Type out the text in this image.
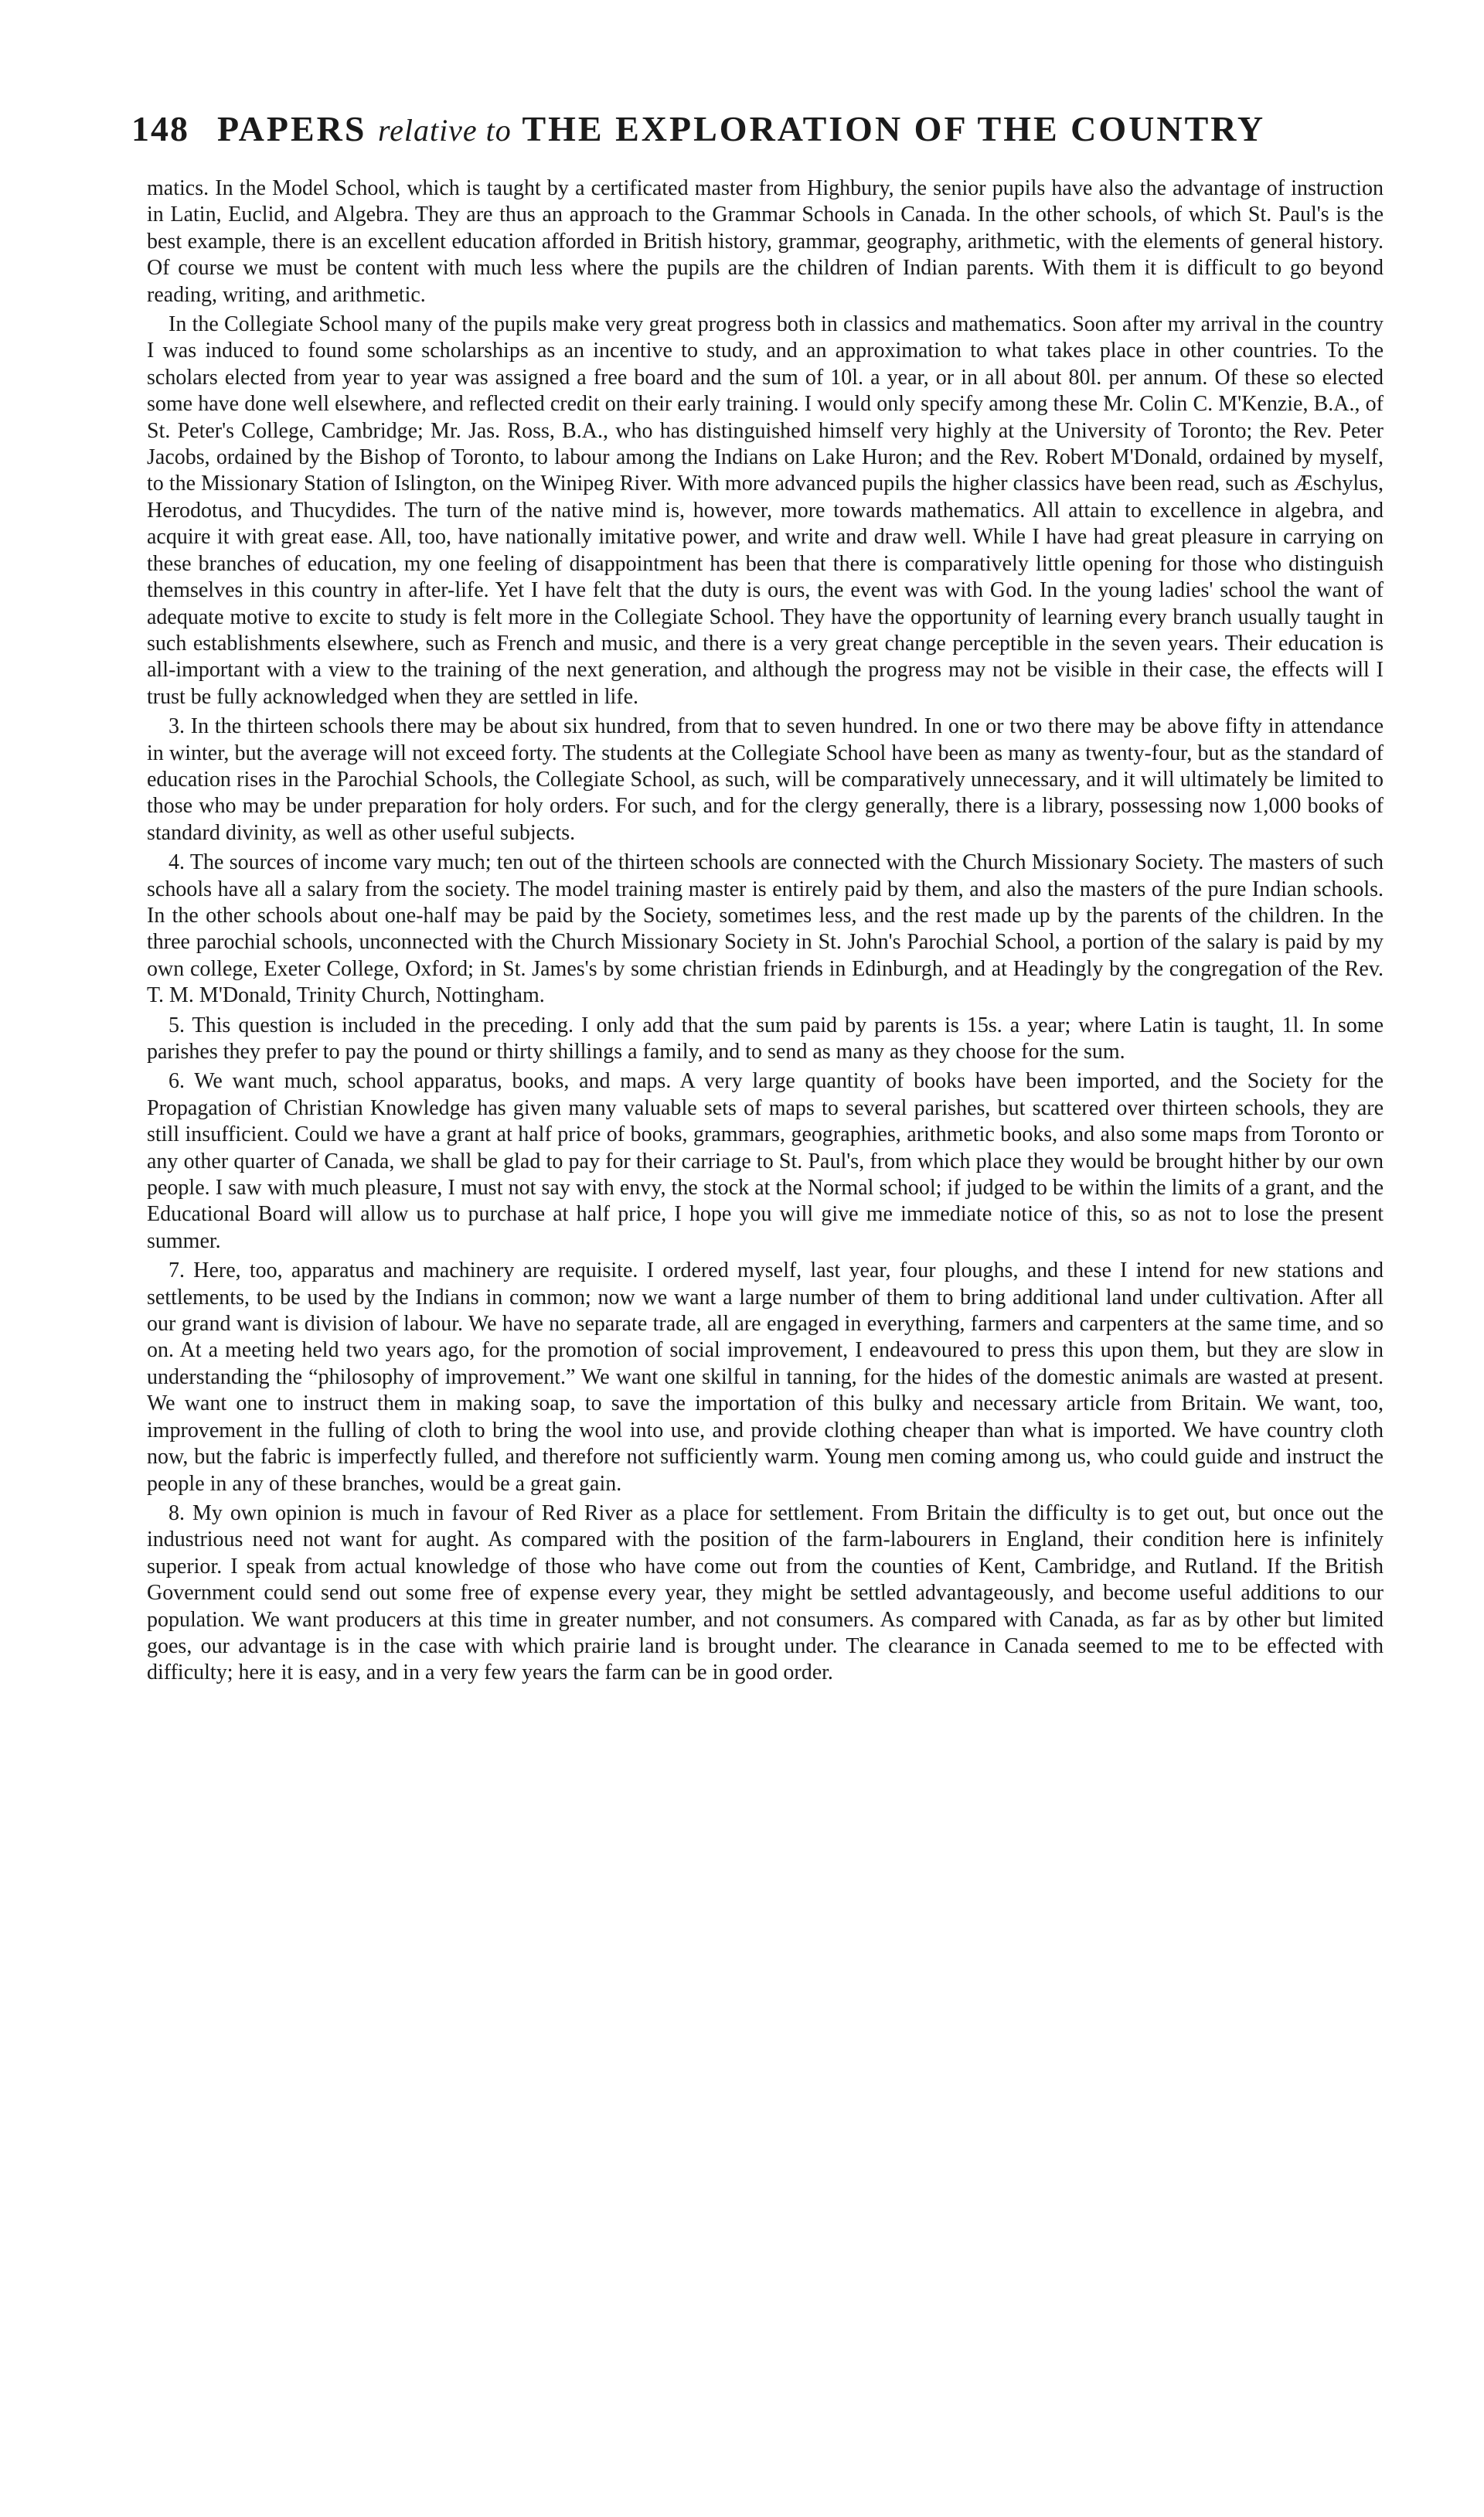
148 PAPERS relative to THE EXPLORATION OF THE COUNTRY

matics. In the Model School, which is taught by a certificated master from Highbury, the senior pupils have also the advantage of instruction in Latin, Euclid, and Algebra. They are thus an approach to the Grammar Schools in Canada. In the other schools, of which St. Paul's is the best example, there is an excellent education afforded in British history, grammar, geography, arithmetic, with the elements of general history. Of course we must be content with much less where the pupils are the children of Indian parents. With them it is difficult to go beyond reading, writing, and arithmetic.

In the Collegiate School many of the pupils make very great progress both in classics and mathematics. Soon after my arrival in the country I was induced to found some scholarships as an incentive to study, and an approximation to what takes place in other countries. To the scholars elected from year to year was assigned a free board and the sum of 10l. a year, or in all about 80l. per annum. Of these so elected some have done well elsewhere, and reflected credit on their early training. I would only specify among these Mr. Colin C. M'Kenzie, B.A., of St. Peter's College, Cambridge; Mr. Jas. Ross, B.A., who has distinguished himself very highly at the University of Toronto; the Rev. Peter Jacobs, ordained by the Bishop of Toronto, to labour among the Indians on Lake Huron; and the Rev. Robert M'Donald, ordained by myself, to the Missionary Station of Islington, on the Winipeg River. With more advanced pupils the higher classics have been read, such as Æschylus, Herodotus, and Thucydides. The turn of the native mind is, however, more towards mathematics. All attain to excellence in algebra, and acquire it with great ease. All, too, have nationally imitative power, and write and draw well. While I have had great pleasure in carrying on these branches of education, my one feeling of disappointment has been that there is comparatively little opening for those who distinguish themselves in this country in after-life. Yet I have felt that the duty is ours, the event was with God. In the young ladies' school the want of adequate motive to excite to study is felt more in the Collegiate School. They have the opportunity of learning every branch usually taught in such establishments elsewhere, such as French and music, and there is a very great change perceptible in the seven years. Their education is all-important with a view to the training of the next generation, and although the progress may not be visible in their case, the effects will I trust be fully acknowledged when they are settled in life.

3. In the thirteen schools there may be about six hundred, from that to seven hundred. In one or two there may be above fifty in attendance in winter, but the average will not exceed forty. The students at the Collegiate School have been as many as twenty-four, but as the standard of education rises in the Parochial Schools, the Collegiate School, as such, will be comparatively unnecessary, and it will ultimately be limited to those who may be under preparation for holy orders. For such, and for the clergy generally, there is a library, possessing now 1,000 books of standard divinity, as well as other useful subjects.

4. The sources of income vary much; ten out of the thirteen schools are connected with the Church Missionary Society. The masters of such schools have all a salary from the society. The model training master is entirely paid by them, and also the masters of the pure Indian schools. In the other schools about one-half may be paid by the Society, sometimes less, and the rest made up by the parents of the children. In the three parochial schools, unconnected with the Church Missionary Society in St. John's Parochial School, a portion of the salary is paid by my own college, Exeter College, Oxford; in St. James's by some christian friends in Edinburgh, and at Headingly by the congregation of the Rev. T. M. M'Donald, Trinity Church, Nottingham.

5. This question is included in the preceding. I only add that the sum paid by parents is 15s. a year; where Latin is taught, 1l. In some parishes they prefer to pay the pound or thirty shillings a family, and to send as many as they choose for the sum.

6. We want much, school apparatus, books, and maps. A very large quantity of books have been imported, and the Society for the Propagation of Christian Knowledge has given many valuable sets of maps to several parishes, but scattered over thirteen schools, they are still insufficient. Could we have a grant at half price of books, grammars, geographies, arithmetic books, and also some maps from Toronto or any other quarter of Canada, we shall be glad to pay for their carriage to St. Paul's, from which place they would be brought hither by our own people. I saw with much pleasure, I must not say with envy, the stock at the Normal school; if judged to be within the limits of a grant, and the Educational Board will allow us to purchase at half price, I hope you will give me immediate notice of this, so as not to lose the present summer.

7. Here, too, apparatus and machinery are requisite. I ordered myself, last year, four ploughs, and these I intend for new stations and settlements, to be used by the Indians in common; now we want a large number of them to bring additional land under cultivation. After all our grand want is division of labour. We have no separate trade, all are engaged in everything, farmers and carpenters at the same time, and so on. At a meeting held two years ago, for the promotion of social improvement, I endeavoured to press this upon them, but they are slow in understanding the “philosophy of improvement.” We want one skilful in tanning, for the hides of the domestic animals are wasted at present. We want one to instruct them in making soap, to save the importation of this bulky and necessary article from Britain. We want, too, improvement in the fulling of cloth to bring the wool into use, and provide clothing cheaper than what is imported. We have country cloth now, but the fabric is imperfectly fulled, and therefore not sufficiently warm. Young men coming among us, who could guide and instruct the people in any of these branches, would be a great gain.

8. My own opinion is much in favour of Red River as a place for settlement. From Britain the difficulty is to get out, but once out the industrious need not want for aught. As compared with the position of the farm-labourers in England, their condition here is infinitely superior. I speak from actual knowledge of those who have come out from the counties of Kent, Cambridge, and Rutland. If the British Government could send out some free of expense every year, they might be settled advantageously, and become useful additions to our population. We want producers at this time in greater number, and not consumers. As compared with Canada, as far as by other but limited goes, our advantage is in the case with which prairie land is brought under. The clearance in Canada seemed to me to be effected with difficulty; here it is easy, and in a very few years the farm can be in good order.
